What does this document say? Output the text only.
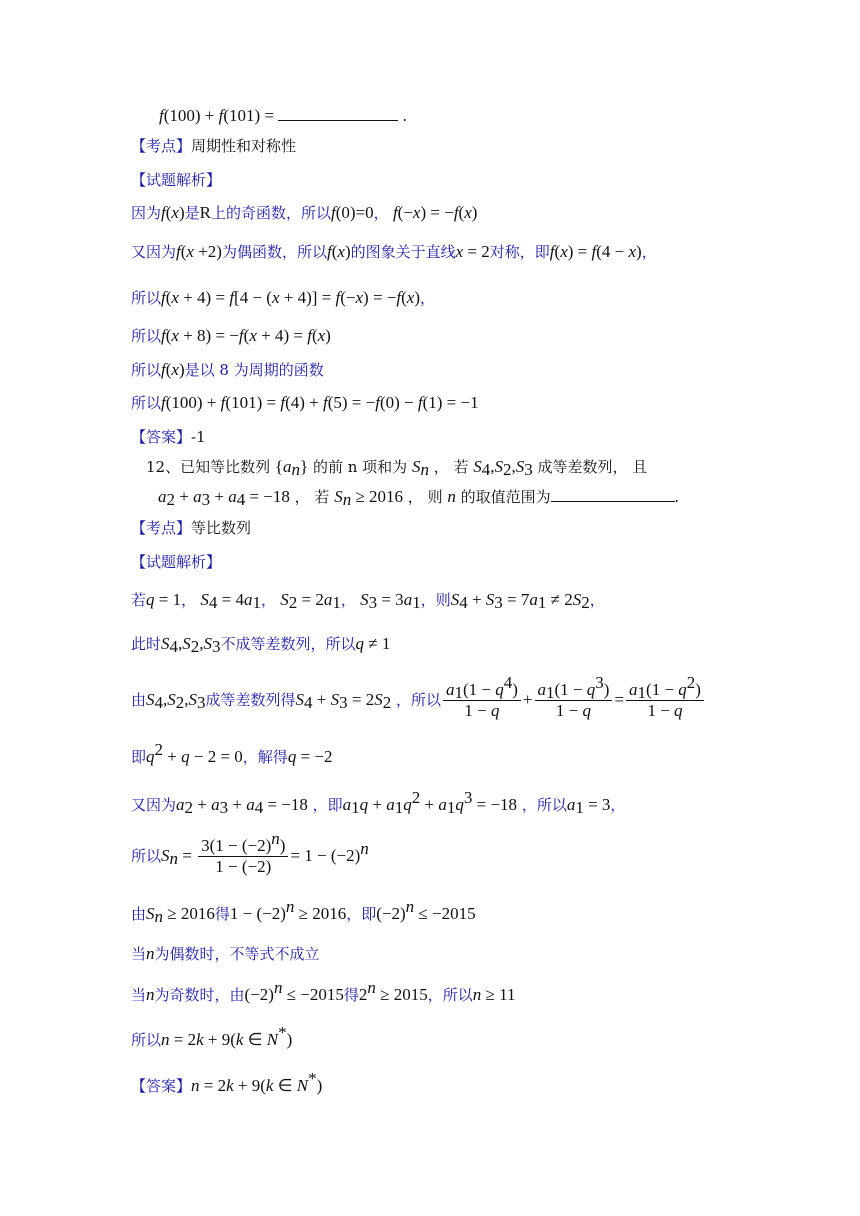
f(100) + f(101) =	.
【考点】周期性和对称性
【试题解析】
因为f(x)是R上的奇函数，所以f(0)=0， f(−x) = −f(x)
又因为f(x +2)为偶函数，所以f(x)的图象关于直线x = 2对称，即f(x) = f(4 − x)，
所以f(x + 4) = f[4 − (x + 4)] = f(−x) = −f(x)，
所以f(x + 8) = −f(x + 4) = f(x)
所以f(x)是以 8 为周期的函数
所以f(100) + f(101) = f(4) + f(5) = −f(0) − f(1) = −1
【答案】-1
12、已知等比数列 $\{a_n\}$ 的前 n 项和为 $S_n$ ， 若 $S_4,S_2,S_3$ 成等差数列， 且
$a_2 + a_3 + a_4 = -18$ ， 若 $S_n \ge 2016$ ， 则 n 的取值范围为	.
【考点】等比数列
【试题解析】
若q = 1， $S_4 = 4a_1$， $S_2 = 2a_1$， $S_3 = 3a_1$，则$S_4 + S_3 = 7a_1 \ne 2S_2$，
此时$S_4,S_2,S_3$不成等差数列，所以q ≠ 1
由$S_4,S_2,S_3$成等差数列得$S_4 + S_3 = 2S_2$ ，所以 $\frac{a_1(1 - q^4)}{1 - q} + \frac{a_1(1 - q^3)}{1 - q} = \frac{a_1(1 - q^2)}{1 - q}$
即$q^2 + q - 2 = 0$，解得q = −2
又因为$a_2 + a_3 + a_4 = -18$ ，即$a_1q + a_1q^2 + a_1q^3 = -18$ ，所以$a_1 = 3$，
所以$S_n = \frac{3(1 - (-2)^n)}{1 - (-2)} = 1 - (-2)^n$
由$S_n \ge 2016$得$1 - (-2)^n \ge 2016$，即$(-2)^n \le -2015$
当n为偶数时，不等式不成立
当n为奇数时，由$(-2)^n \le -2015$得$2^n \ge 2015$，所以n ≥ 11
所以n = 2k + 9(k ∈ N*)
【答案】n = 2k + 9(k ∈ N*)
